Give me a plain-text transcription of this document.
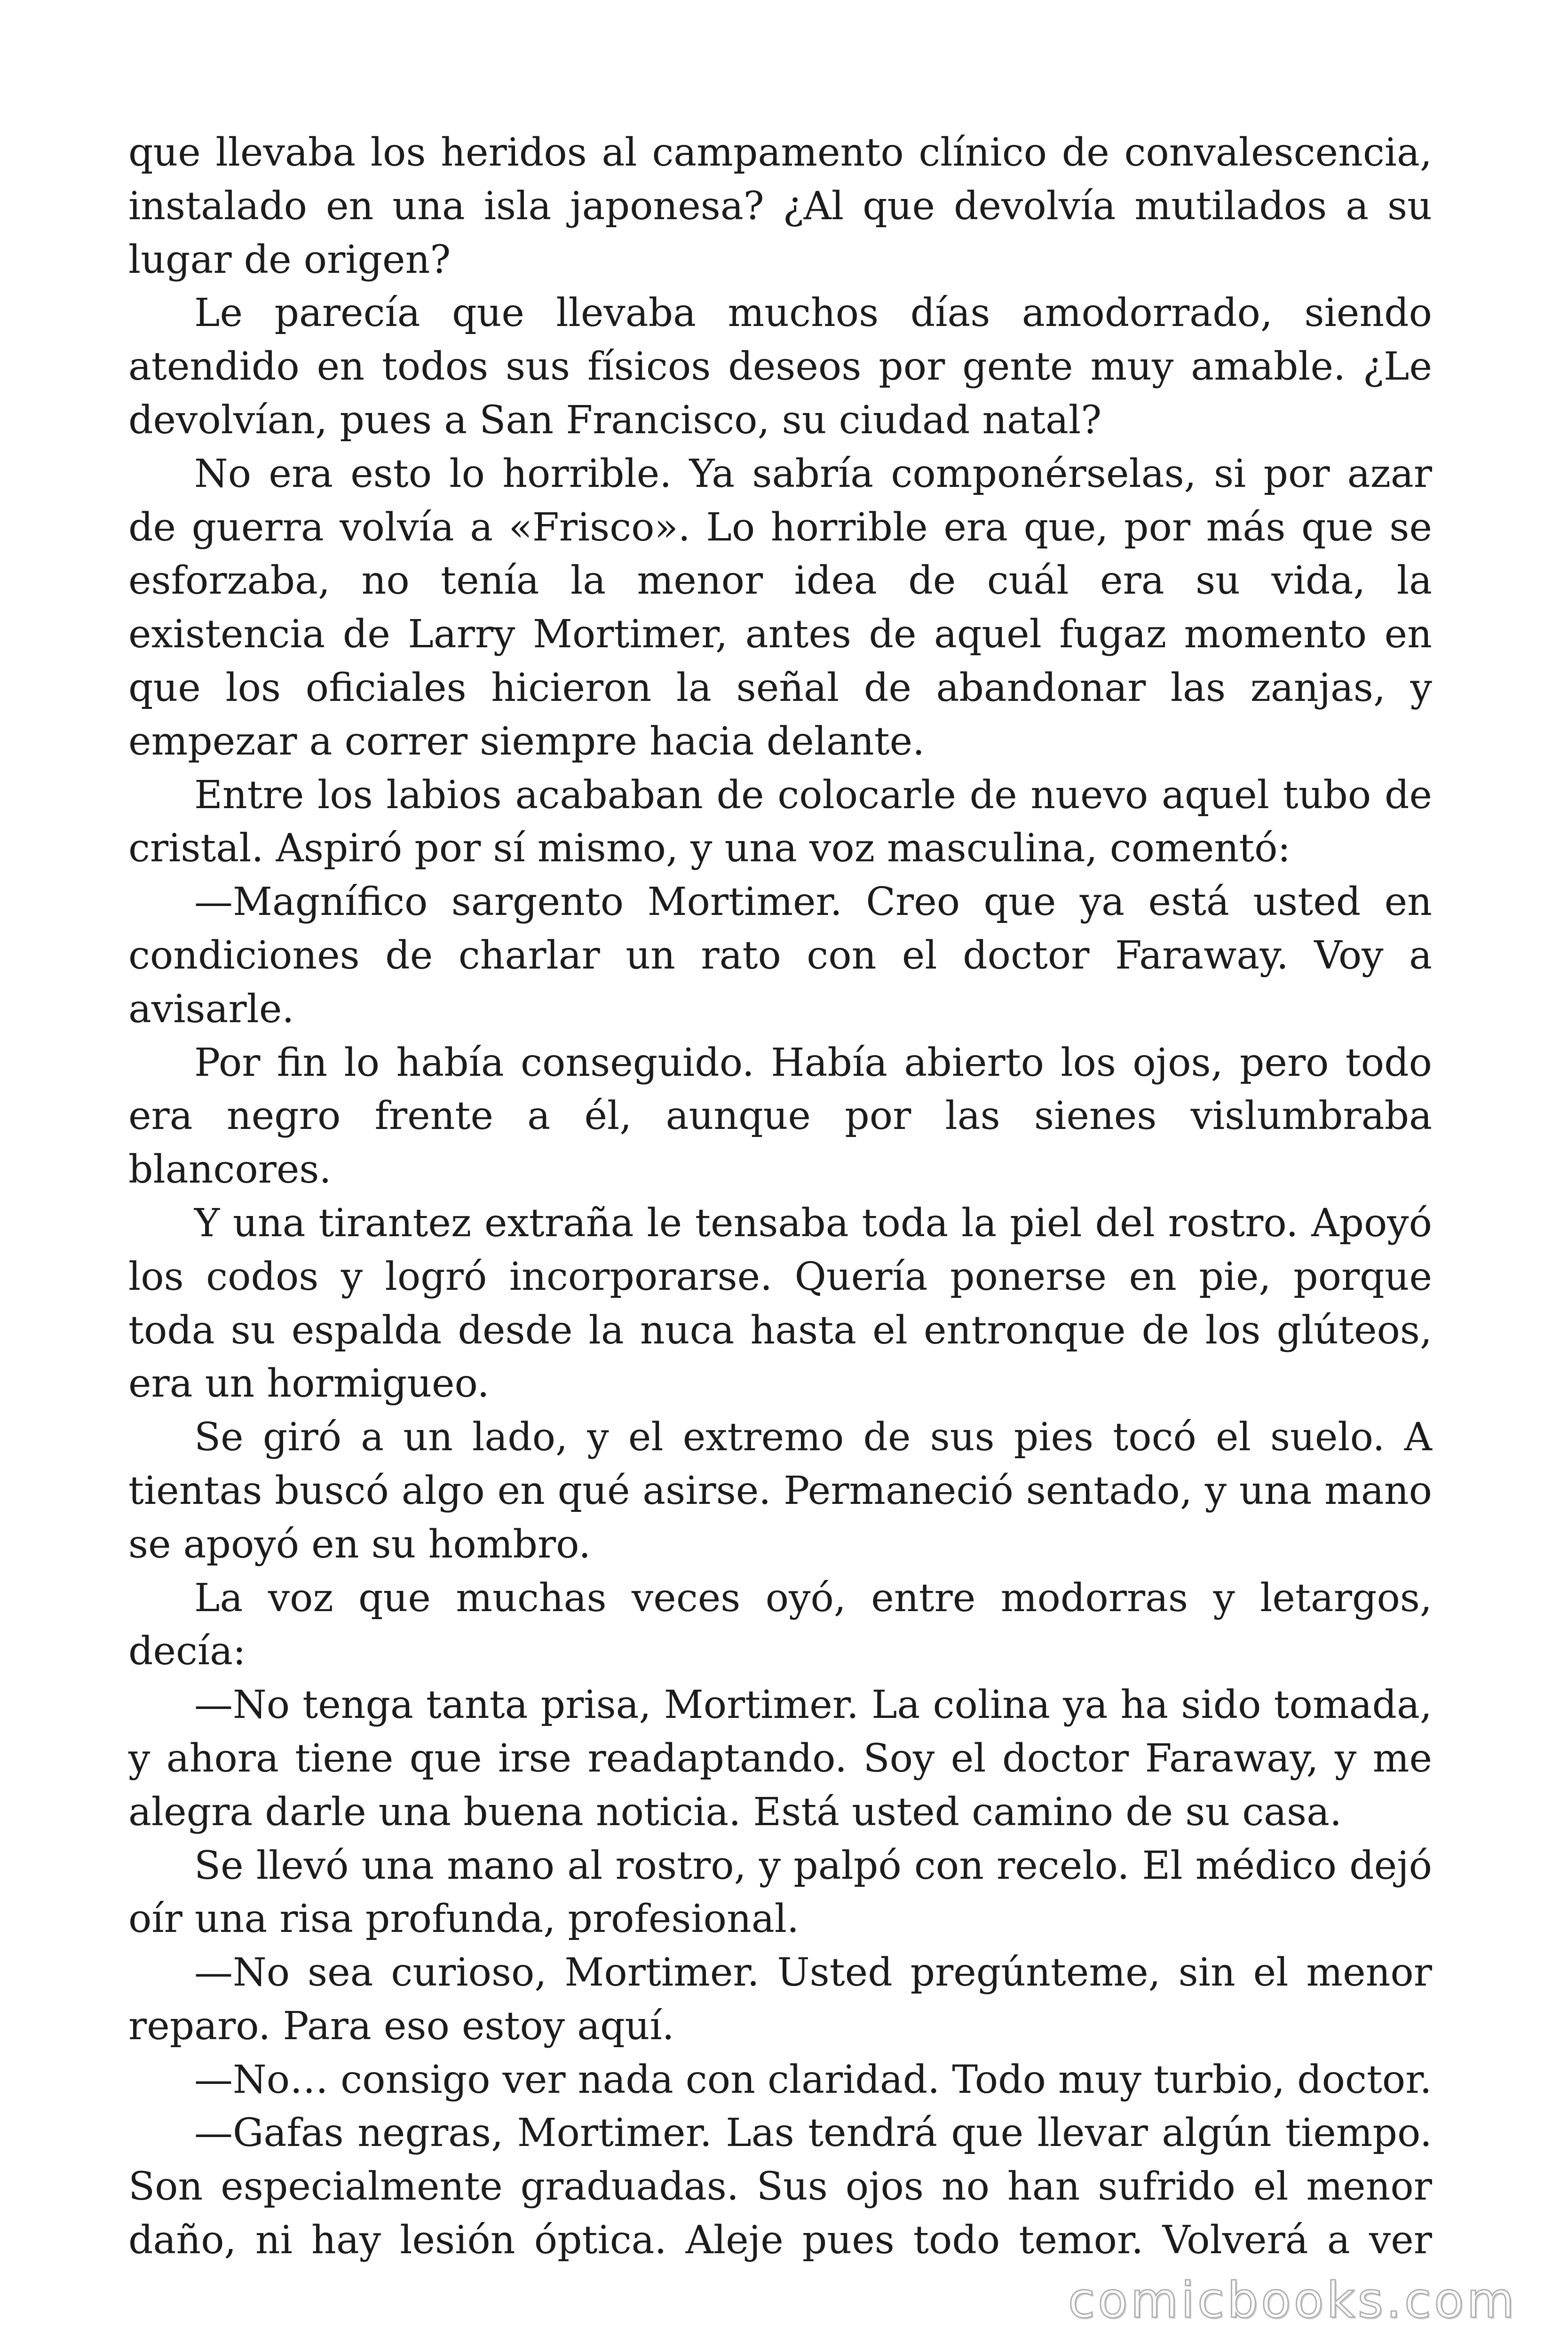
que llevaba los heridos al campamento clínico de convalescencia, instalado en una isla japonesa? ¿Al que devolvía mutilados a su lugar de origen?

Le parecía que llevaba muchos días amodorrado, siendo atendido en todos sus físicos deseos por gente muy amable. ¿Le devolvían, pues a San Francisco, su ciudad natal?

No era esto lo horrible. Ya sabría componérselas, si por azar de guerra volvía a «Frisco». Lo horrible era que, por más que se esforzaba, no tenía la menor idea de cuál era su vida, la existencia de Larry Mortimer, antes de aquel fugaz momento en que los oficiales hicieron la señal de abandonar las zanjas, y empezar a correr siempre hacia delante.

Entre los labios acababan de colocarle de nuevo aquel tubo de cristal. Aspiró por sí mismo, y una voz masculina, comentó:

—Magnífico sargento Mortimer. Creo que ya está usted en condiciones de charlar un rato con el doctor Faraway. Voy a avisarle.

Por fin lo había conseguido. Había abierto los ojos, pero todo era negro frente a él, aunque por las sienes vislumbraba blancores.

Y una tirantez extraña le tensaba toda la piel del rostro. Apoyó los codos y logró incorporarse. Quería ponerse en pie, porque toda su espalda desde la nuca hasta el entronque de los glúteos, era un hormigueo.

Se giró a un lado, y el extremo de sus pies tocó el suelo. A tientas buscó algo en qué asirse. Permaneció sentado, y una mano se apoyó en su hombro.

La voz que muchas veces oyó, entre modorras y letargos, decía:

—No tenga tanta prisa, Mortimer. La colina ya ha sido tomada, y ahora tiene que irse readaptando. Soy el doctor Faraway, y me alegra darle una buena noticia. Está usted camino de su casa.

Se llevó una mano al rostro, y palpó con recelo. El médico dejó oír una risa profunda, profesional.

—No sea curioso, Mortimer. Usted pregúnteme, sin el menor reparo. Para eso estoy aquí.

—No… consigo ver nada con claridad. Todo muy turbio, doctor.

—Gafas negras, Mortimer. Las tendrá que llevar algún tiempo. Son especialmente graduadas. Sus ojos no han sufrido el menor daño, ni hay lesión óptica. Aleje pues todo temor. Volverá a ver

comicbooks.com
